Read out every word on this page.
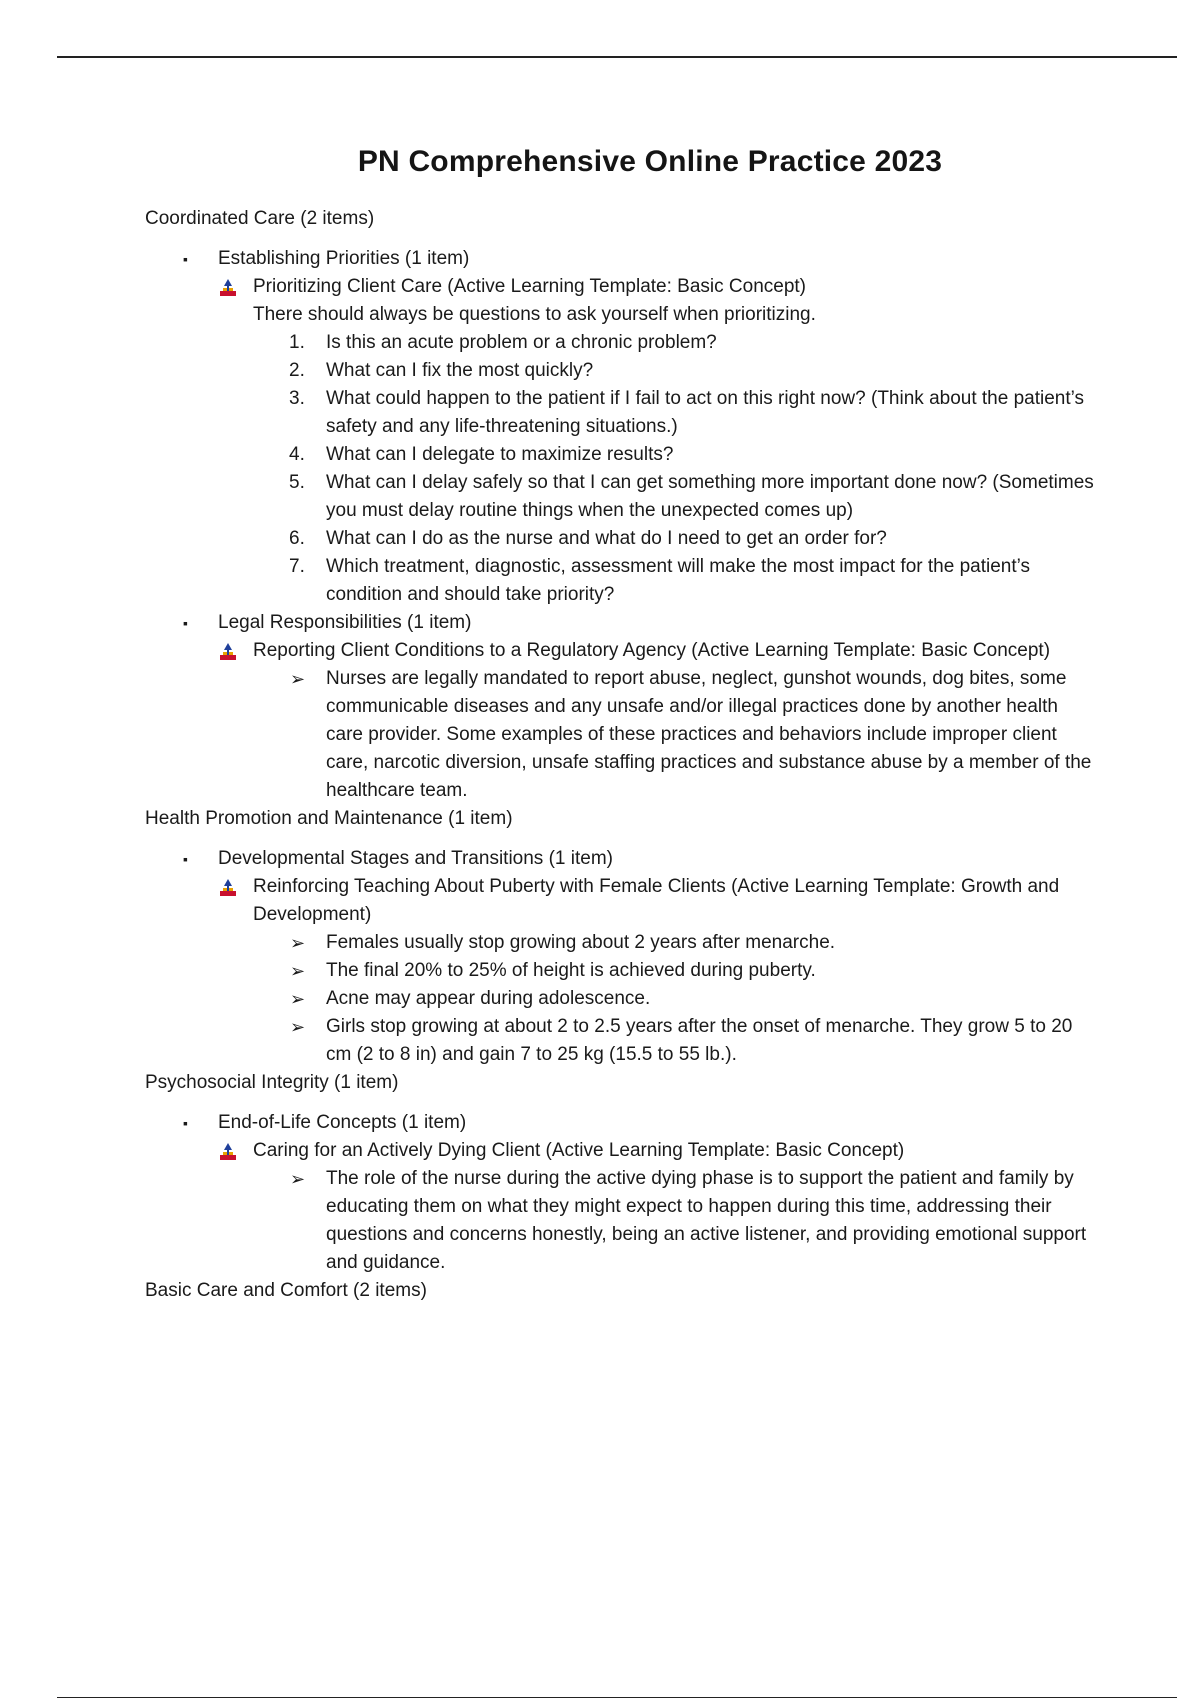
PN Comprehensive Online Practice 2023
Coordinated Care (2 items)
▪ Establishing Priorities (1 item)
Prioritizing Client Care (Active Learning Template: Basic Concept)
There should always be questions to ask yourself when prioritizing.
1. Is this an acute problem or a chronic problem?
2. What can I fix the most quickly?
3. What could happen to the patient if I fail to act on this right now? (Think about the patient’s safety and any life-threatening situations.)
4. What can I delegate to maximize results?
5. What can I delay safely so that I can get something more important done now? (Sometimes you must delay routine things when the unexpected comes up)
6. What can I do as the nurse and what do I need to get an order for?
7. Which treatment, diagnostic, assessment will make the most impact for the patient’s condition and should take priority?
▪ Legal Responsibilities (1 item)
Reporting Client Conditions to a Regulatory Agency (Active Learning Template: Basic Concept)
➢ Nurses are legally mandated to report abuse, neglect, gunshot wounds, dog bites, some communicable diseases and any unsafe and/or illegal practices done by another health care provider. Some examples of these practices and behaviors include improper client care, narcotic diversion, unsafe staffing practices and substance abuse by a member of the healthcare team.
Health Promotion and Maintenance (1 item)
▪ Developmental Stages and Transitions (1 item)
Reinforcing Teaching About Puberty with Female Clients (Active Learning Template: Growth and Development)
➢ Females usually stop growing about 2 years after menarche.
➢ The final 20% to 25% of height is achieved during puberty.
➢ Acne may appear during adolescence.
➢ Girls stop growing at about 2 to 2.5 years after the onset of menarche. They grow 5 to 20 cm (2 to 8 in) and gain 7 to 25 kg (15.5 to 55 lb.).
Psychosocial Integrity (1 item)
▪ End-of-Life Concepts (1 item)
Caring for an Actively Dying Client (Active Learning Template: Basic Concept)
➢ The role of the nurse during the active dying phase is to support the patient and family by educating them on what they might expect to happen during this time, addressing their questions and concerns honestly, being an active listener, and providing emotional support and guidance.
Basic Care and Comfort (2 items)
